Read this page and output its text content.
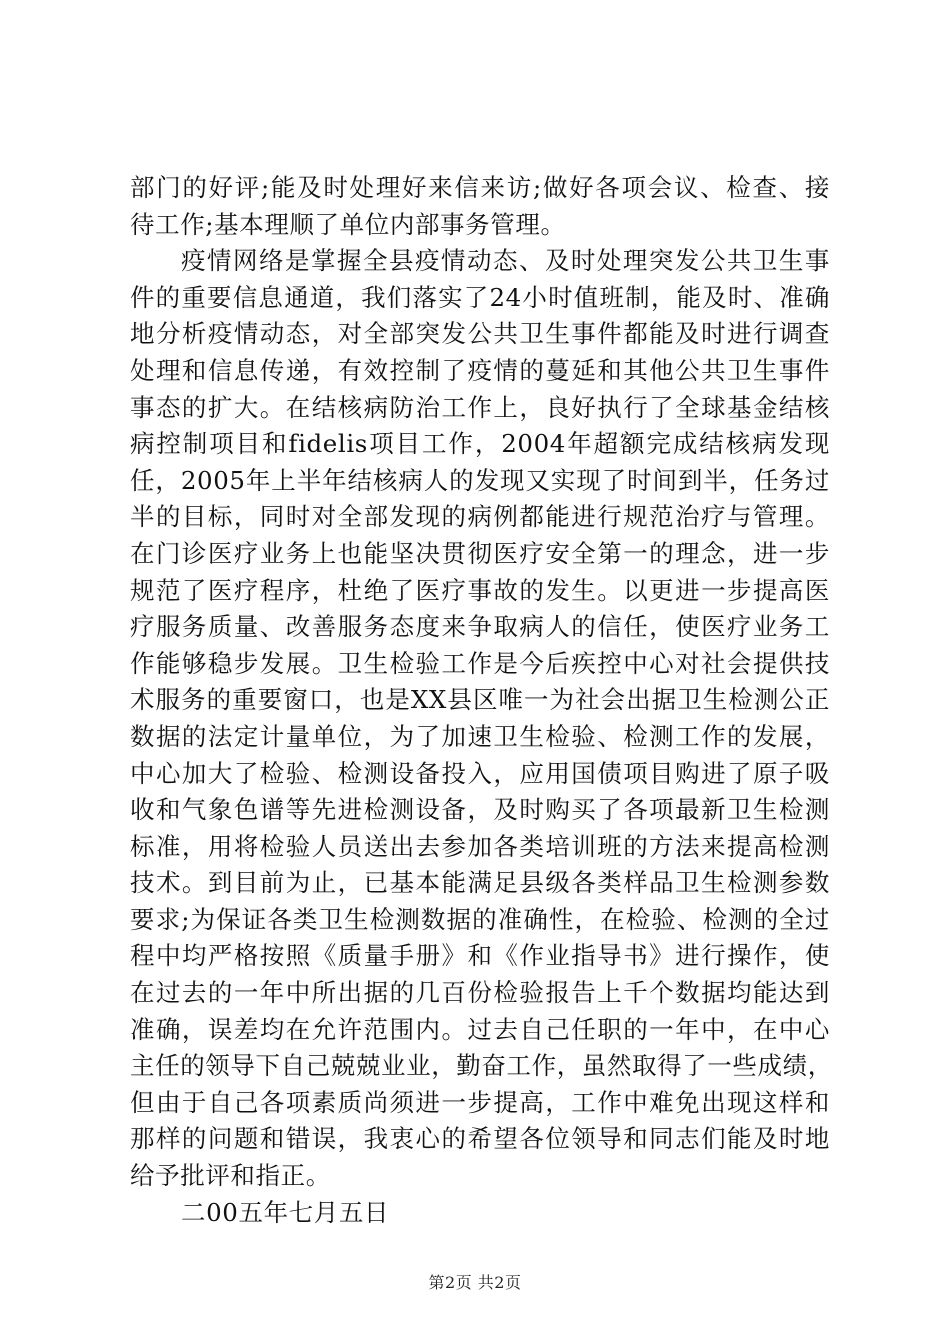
部门的好评;能及时处理好来信来访;做好各项会议、检查、接
待工作;基本理顺了单位内部事务管理。
疫情网络是掌握全县疫情动态、及时处理突发公共卫生事
件的重要信息通道，我们落实了24小时值班制，能及时、准确
地分析疫情动态，对全部突发公共卫生事件都能及时进行调查
处理和信息传递，有效控制了疫情的蔓延和其他公共卫生事件
事态的扩大。在结核病防治工作上，良好执行了全球基金结核
病控制项目和fidelis项目工作，2004年超额完成结核病发现
任，2005年上半年结核病人的发现又实现了时间到半，任务过
半的目标，同时对全部发现的病例都能进行规范治疗与管理。
在门诊医疗业务上也能坚决贯彻医疗安全第一的理念，进一步
规范了医疗程序，杜绝了医疗事故的发生。以更进一步提高医
疗服务质量、改善服务态度来争取病人的信任，使医疗业务工
作能够稳步发展。卫生检验工作是今后疾控中心对社会提供技
术服务的重要窗口，也是XX县区唯一为社会出据卫生检测公正
数据的法定计量单位，为了加速卫生检验、检测工作的发展，
中心加大了检验、检测设备投入，应用国债项目购进了原子吸
收和气象色谱等先进检测设备，及时购买了各项最新卫生检测
标准，用将检验人员送出去参加各类培训班的方法来提高检测
技术。到目前为止，已基本能满足县级各类样品卫生检测参数
要求;为保证各类卫生检测数据的准确性，在检验、检测的全过
程中均严格按照《质量手册》和《作业指导书》进行操作，使
在过去的一年中所出据的几百份检验报告上千个数据均能达到
准确，误差均在允许范围内。过去自己任职的一年中，在中心
主任的领导下自己兢兢业业，勤奋工作，虽然取得了一些成绩，
但由于自己各项素质尚须进一步提高，工作中难免出现这样和
那样的问题和错误，我衷心的希望各位领导和同志们能及时地
给予批评和指正。
二00五年七月五日
第2页 共2页
